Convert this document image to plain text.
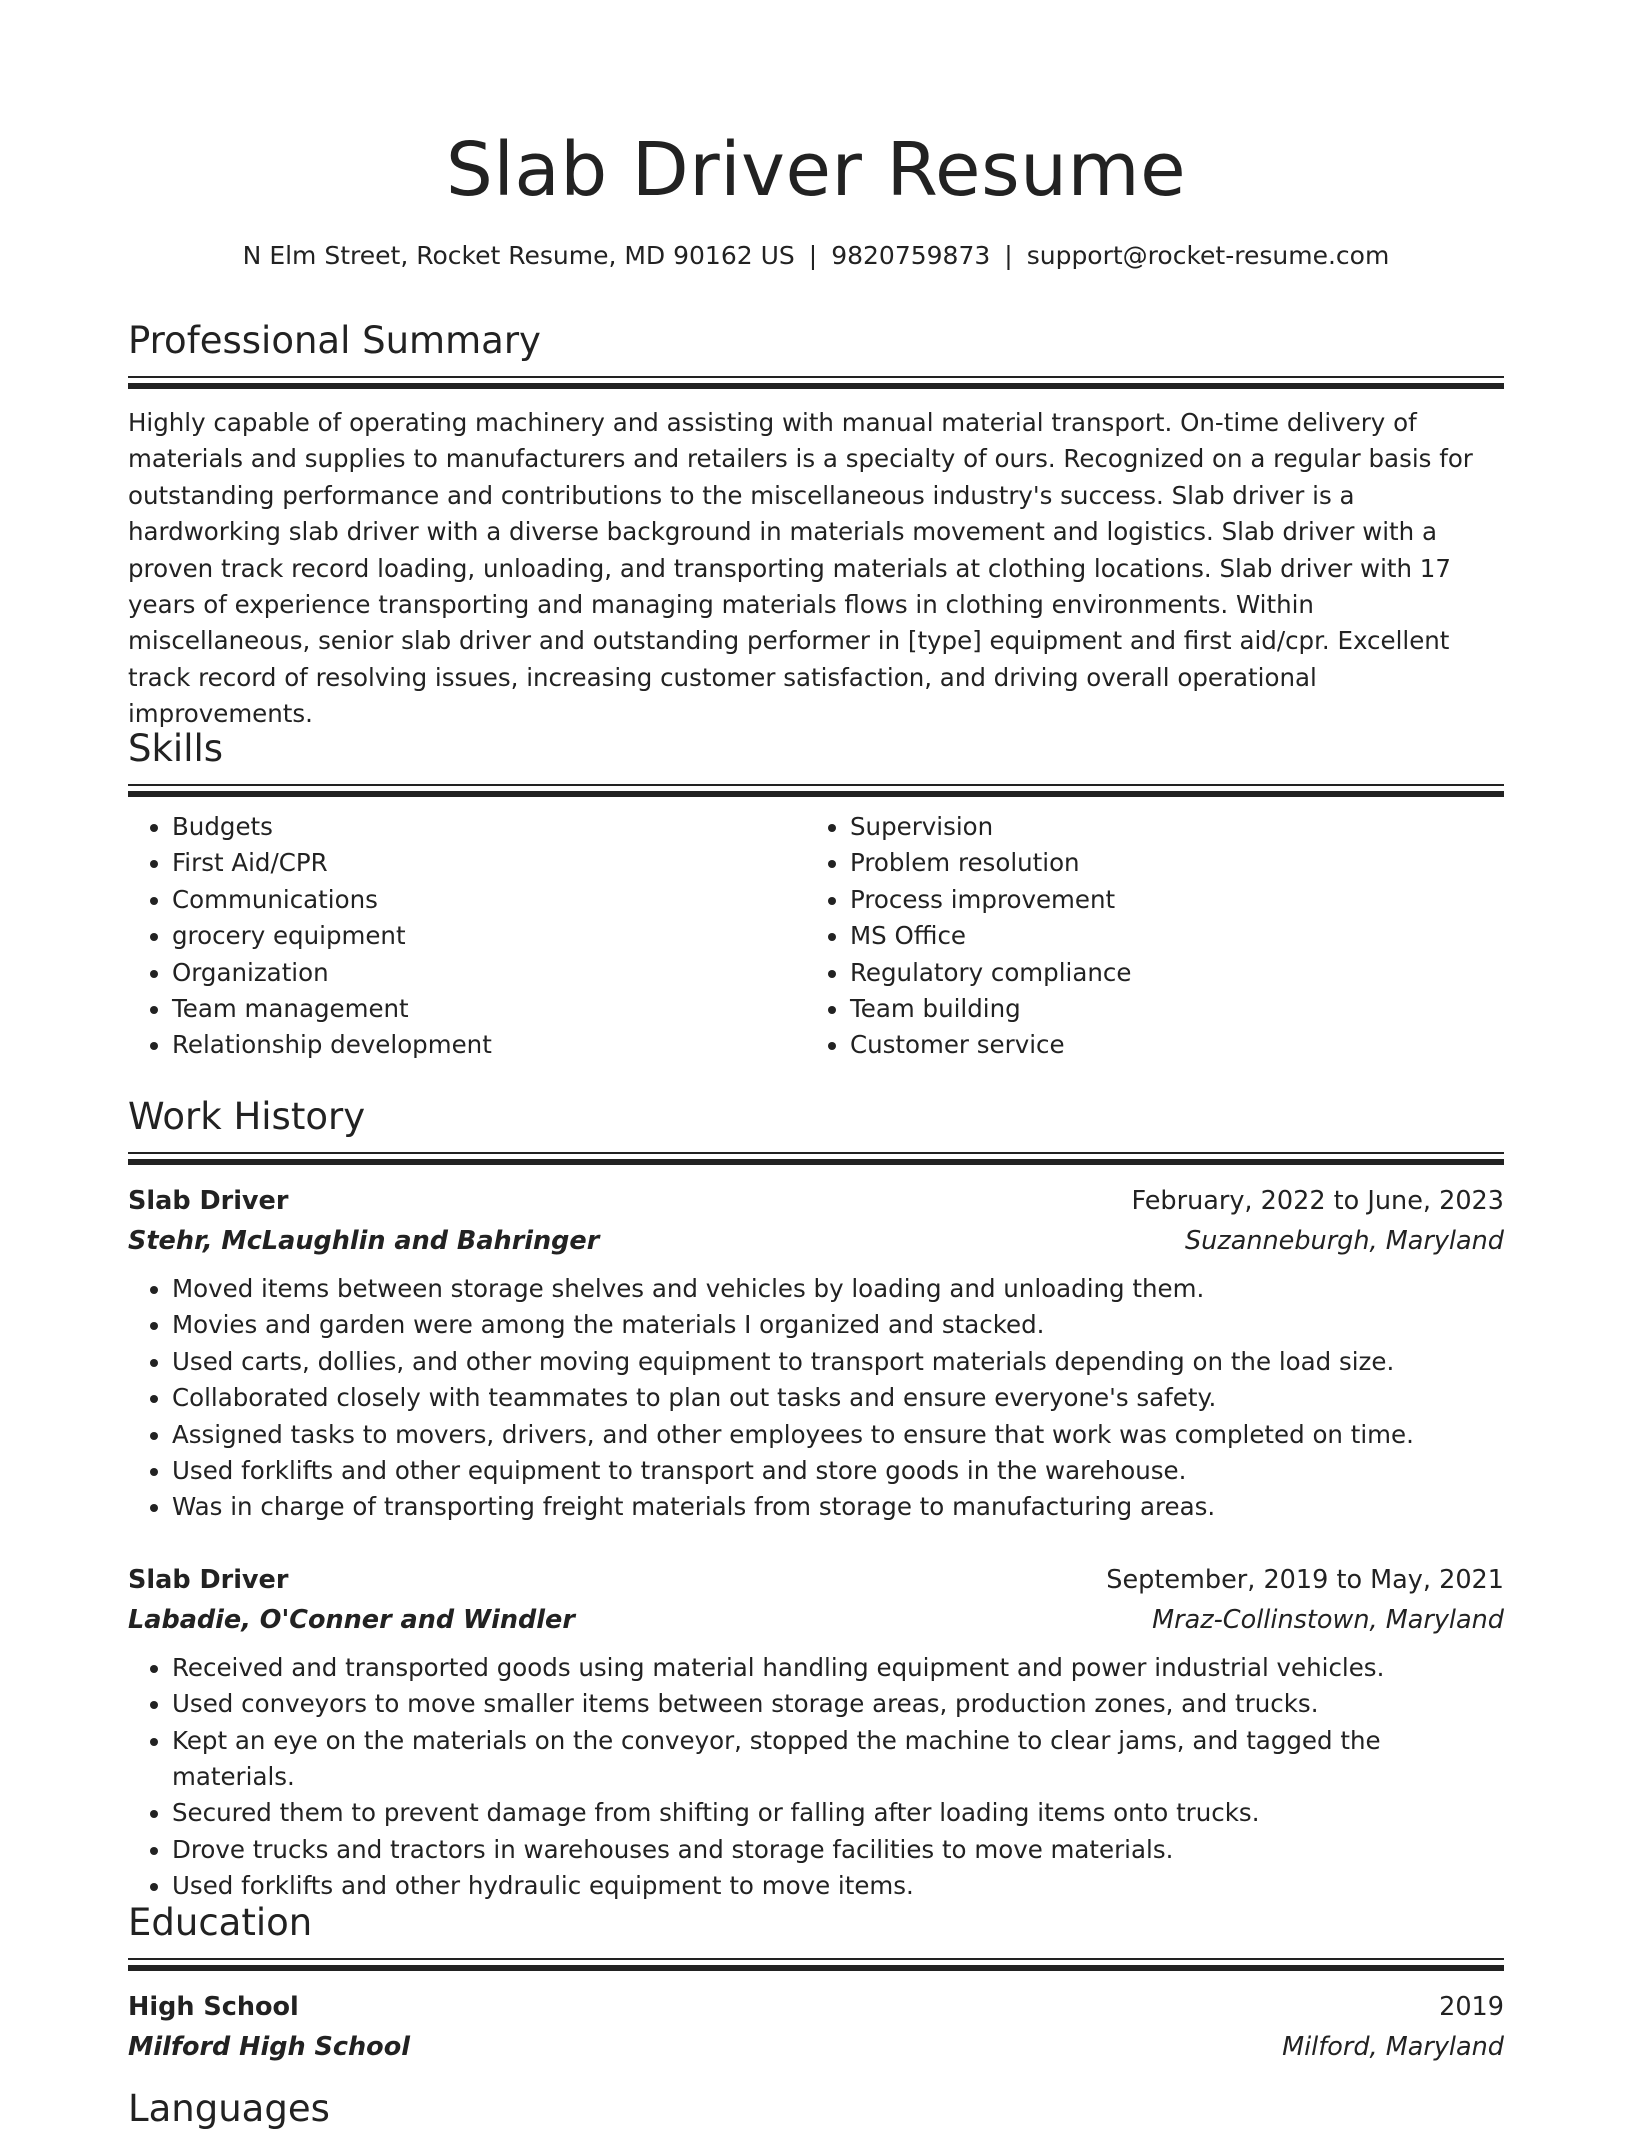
Slab Driver Resume
N Elm Street, Rocket Resume, MD 90162 US | 9820759873 | support@rocket-resume.com
Professional Summary

Highly capable of operating machinery and assisting with manual material transport. On-time delivery of materials and supplies to manufacturers and retailers is a specialty of ours. Recognized on a regular basis for outstanding performance and contributions to the miscellaneous industry's success. Slab driver is a hardworking slab driver with a diverse background in materials movement and logistics. Slab driver with a proven track record loading, unloading, and transporting materials at clothing locations. Slab driver with 17 years of experience transporting and managing materials flows in clothing environments. Within miscellaneous, senior slab driver and outstanding performer in [type] equipment and first aid/cpr. Excellent track record of resolving issues, increasing customer satisfaction, and driving overall operational improvements.

Skills
• Budgets
• First Aid/CPR
• Communications
• grocery equipment
• Organization
• Team management
• Relationship development
• Supervision
• Problem resolution
• Process improvement
• MS Office
• Regulatory compliance
• Team building
• Customer service
Work History
Slab Driver	February, 2022 to June, 2023
Stehr, McLaughlin and Bahringer	Suzanneburgh, Maryland
• Moved items between storage shelves and vehicles by loading and unloading them.
• Movies and garden were among the materials I organized and stacked.
• Used carts, dollies, and other moving equipment to transport materials depending on the load size.
• Collaborated closely with teammates to plan out tasks and ensure everyone's safety.
• Assigned tasks to movers, drivers, and other employees to ensure that work was completed on time.
• Used forklifts and other equipment to transport and store goods in the warehouse.
• Was in charge of transporting freight materials from storage to manufacturing areas.
Slab Driver	September, 2019 to May, 2021
Labadie, O'Conner and Windler	Mraz-Collinstown, Maryland
• Received and transported goods using material handling equipment and power industrial vehicles.
• Used conveyors to move smaller items between storage areas, production zones, and trucks.
• Kept an eye on the materials on the conveyor, stopped the machine to clear jams, and tagged the materials.
• Secured them to prevent damage from shifting or falling after loading items onto trucks.
• Drove trucks and tractors in warehouses and storage facilities to move materials.
• Used forklifts and other hydraulic equipment to move items.
Education
High School	2019
Milford High School	Milford, Maryland
Languages
